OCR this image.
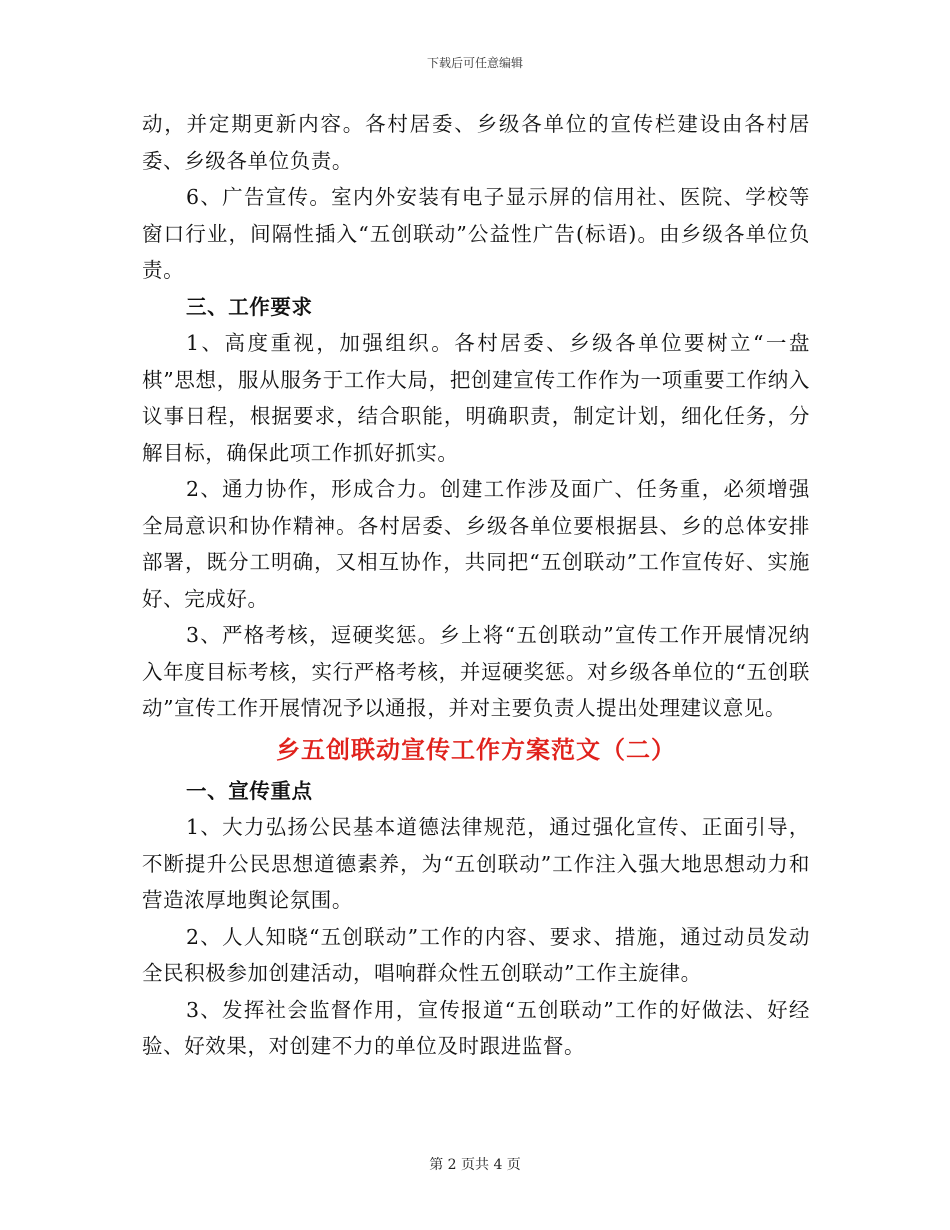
下载后可任意编辑

动，并定期更新内容。各村居委、乡级各单位的宣传栏建设由各村居委、乡级各单位负责。

6、广告宣传。室内外安装有电子显示屏的信用社、医院、学校等窗口行业，间隔性插入“五创联动”公益性广告(标语)。由乡级各单位负责。

三、工作要求

1、高度重视，加强组织。各村居委、乡级各单位要树立“一盘棋”思想，服从服务于工作大局，把创建宣传工作作为一项重要工作纳入议事日程，根据要求，结合职能，明确职责，制定计划，细化任务，分解目标，确保此项工作抓好抓实。

2、通力协作，形成合力。创建工作涉及面广、任务重，必须增强全局意识和协作精神。各村居委、乡级各单位要根据县、乡的总体安排部署，既分工明确，又相互协作，共同把“五创联动”工作宣传好、实施好、完成好。

3、严格考核，逗硬奖惩。乡上将“五创联动”宣传工作开展情况纳入年度目标考核，实行严格考核，并逗硬奖惩。对乡级各单位的“五创联动”宣传工作开展情况予以通报，并对主要负责人提出处理建议意见。

乡五创联动宣传工作方案范文（二）

一、宣传重点

1、大力弘扬公民基本道德法律规范，通过强化宣传、正面引导，不断提升公民思想道德素养，为“五创联动”工作注入强大地思想动力和营造浓厚地舆论氛围。

2、人人知晓“五创联动”工作的内容、要求、措施，通过动员发动全民积极参加创建活动，唱响群众性五创联动”工作主旋律。

3、发挥社会监督作用，宣传报道“五创联动”工作的好做法、好经验、好效果，对创建不力的单位及时跟进监督。

第 2 页共 4 页
